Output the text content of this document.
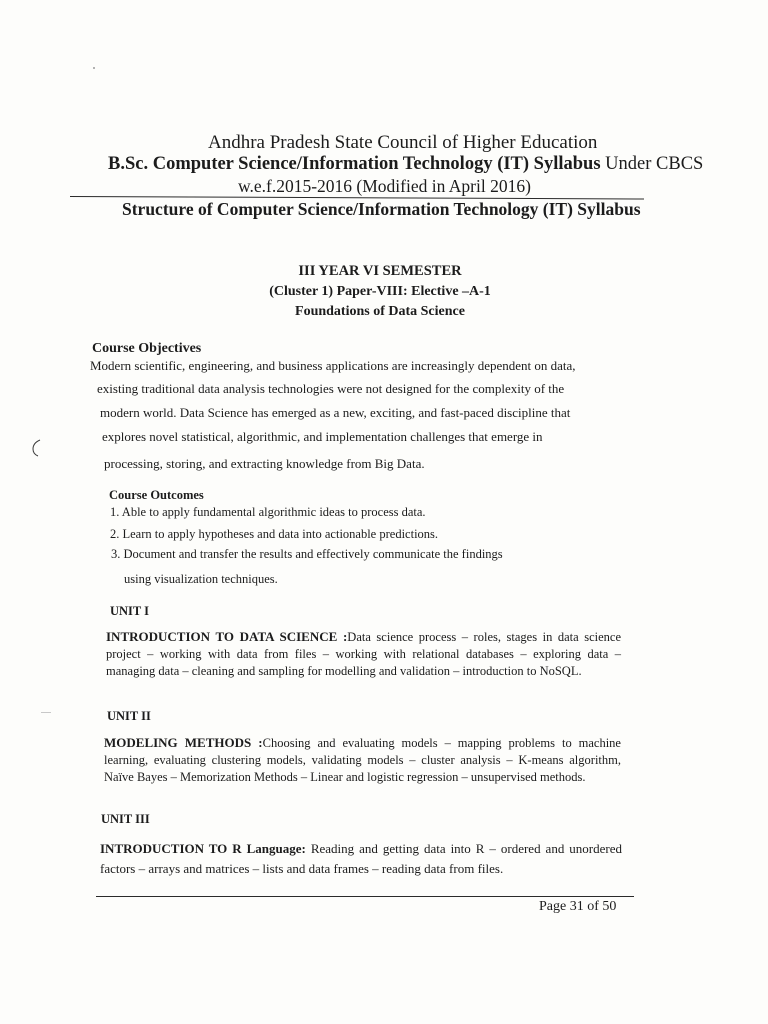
Andhra Pradesh State Council of Higher Education
B.Sc. Computer Science/Information Technology (IT) Syllabus Under CBCS
w.e.f.2015-2016 (Modified in April 2016)
Structure of Computer Science/Information Technology (IT) Syllabus
III YEAR VI SEMESTER
(Cluster 1) Paper-VIII: Elective –A-1
Foundations of Data Science
Course Objectives
Modern scientific, engineering, and business applications are increasingly dependent on data,
existing traditional data analysis technologies were not designed for the complexity of the
modern world. Data Science has emerged as a new, exciting, and fast-paced discipline that
explores novel statistical, algorithmic, and implementation challenges that emerge in
processing, storing, and extracting knowledge from Big Data.
Course Outcomes
1. Able to apply fundamental algorithmic ideas to process data.
2. Learn to apply hypotheses and data into actionable predictions.
3. Document and transfer the results and effectively communicate the findings
using visualization techniques.
UNIT I
INTRODUCTION TO DATA SCIENCE :Data science process – roles, stages in data science project – working with data from files – working with relational databases – exploring data – managing data – cleaning and sampling for modelling and validation – introduction to NoSQL.
UNIT II
MODELING METHODS :Choosing and evaluating models – mapping problems to machine learning, evaluating clustering models, validating models – cluster analysis – K-means algorithm, Naïve Bayes – Memorization Methods – Linear and logistic regression – unsupervised methods.
UNIT III
INTRODUCTION TO R Language: Reading and getting data into R – ordered and unordered factors – arrays and matrices – lists and data frames – reading data from files.
Page 31 of 50
